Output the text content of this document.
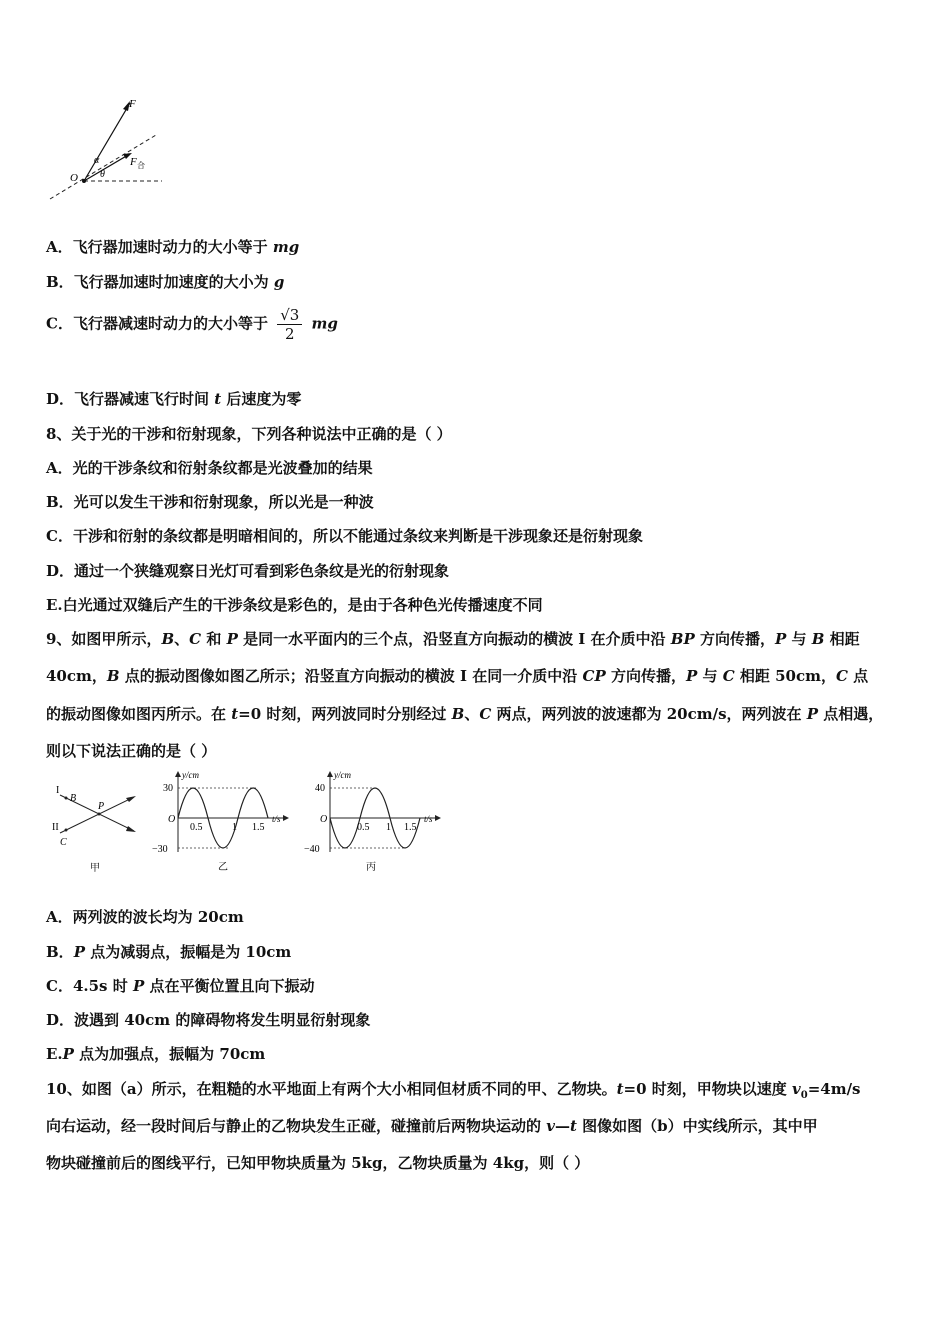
F
α	F 合
O θ
A．飞行器加速时动力的大小等于 mg
B．飞行器加速时加速度的大小为 g
C．飞行器减速时动力的大小等于 $\frac{√3}{2}$ mg
D．飞行器减速飞行时间 t 后速度为零
8、关于光的干涉和衍射现象，下列各种说法中正确的是（ ）
A．光的干涉条纹和衍射条纹都是光波叠加的结果
B．光可以发生干涉和衍射现象，所以光是一种波
C．干涉和衍射的条纹都是明暗相间的，所以不能通过条纹来判断是干涉现象还是衍射现象
D．通过一个狭缝观察日光灯可看到彩色条纹是光的衍射现象
E.白光通过双缝后产生的干涉条纹是彩色的，是由于各种色光传播速度不同
9、如图甲所示，B、C 和 P 是同一水平面内的三个点，沿竖直方向振动的横波 I 在介质中沿 BP 方向传播，P 与 B 相距
40cm，B 点的振动图像如图乙所示；沿竖直方向振动的横波 I 在同一介质中沿 CP 方向传播，P 与 C 相距 50cm，C 点
的振动图像如图丙所示。在 t=0 时刻，两列波同时分别经过 B、C 两点，两列波的波速都为 20cm/s，两列波在 P 点相遇，
则以下说法正确的是（ ）
I
B
P
II
C
甲
y/cm
t/s
30
−30
O
0.5	1 1.5
乙
y/cm
t/s
40
−40
O
0.5 1 1.5
丙
A．两列波的波长均为 20cm
B．P 点为减弱点，振幅是为 10cm
C．4.5s 时 P 点在平衡位置且向下振动
D．波遇到 40cm 的障碍物将发生明显衍射现象
E.P 点为加强点，振幅为 70cm
10、如图（a）所示，在粗糙的水平地面上有两个大小相同但材质不同的甲、乙物块。t=0 时刻，甲物块以速度 $v_0=4m/s$
向右运动，经一段时间后与静止的乙物块发生正碰，碰撞前后两物块运动的 v—t 图像如图（b）中实线所示，其中甲
物块碰撞前后的图线平行，已知甲物块质量为 5kg，乙物块质量为 4kg，则（ ）
